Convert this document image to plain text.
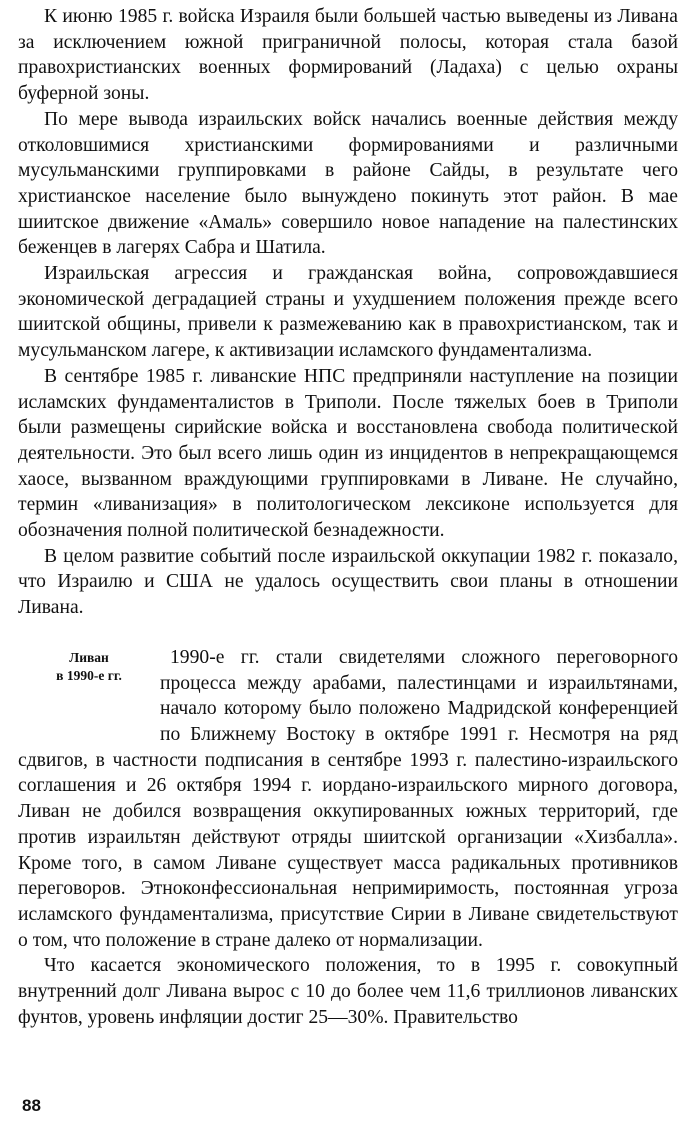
К июню 1985 г. войска Израиля были большей частью выведены из Ливана за исключением южной приграничной полосы, которая стала базой правохристианских военных формирований (Ладаха) с целью охраны буферной зоны.

По мере вывода израильских войск начались военные действия между отколовшимися христианскими формированиями и различными мусульманскими группировками в районе Сайды, в результате чего христианское население было вынуждено покинуть этот район. В мае шиитское движение «Амаль» совершило новое нападение на палестинских беженцев в лагерях Сабра и Шатила.

Израильская агрессия и гражданская война, сопровождавшиеся экономической деградацией страны и ухудшением положения прежде всего шиитской общины, привели к размежеванию как в правохристианском, так и мусульманском лагере, к активизации исламского фундаментализма.

В сентябре 1985 г. ливанские НПС предприняли наступление на позиции исламских фундаменталистов в Триполи. После тяжелых боев в Триполи были размещены сирийские войска и восстановлена свобода политической деятельности. Это был всего лишь один из инцидентов в непрекращающемся хаосе, вызванном враждующими группировками в Ливане. Не случайно, термин «ливанизация» в политологическом лексиконе используется для обозначения полной политической безнадежности.

В целом развитие событий после израильской оккупации 1982 г. показало, что Израилю и США не удалось осуществить свои планы в отношении Ливана.

Ливан
в 1990-е гг.

1990-е гг. стали свидетелями сложного переговорного процесса между арабами, палестинцами и израильтянами, начало которому было положено Мадридской конференцией по Ближнему Востоку в октябре 1991 г. Несмотря на ряд сдвигов, в частности подписания в сентябре 1993 г. палестино-израильского соглашения и 26 октября 1994 г. иордано-израильского мирного договора, Ливан не добился возвращения оккупированных южных территорий, где против израильтян действуют отряды шиитской организации «Хизбалла». Кроме того, в самом Ливане существует масса радикальных противников переговоров. Этноконфессиональная непримиримость, постоянная угроза исламского фундаментализма, присутствие Сирии в Ливане свидетельствуют о том, что положение в стране далеко от нормализации.

Что касается экономического положения, то в 1995 г. совокупный внутренний долг Ливана вырос с 10 до более чем 11,6 триллионов ливанских фунтов, уровень инфляции достиг 25—30%. Правительство

88
